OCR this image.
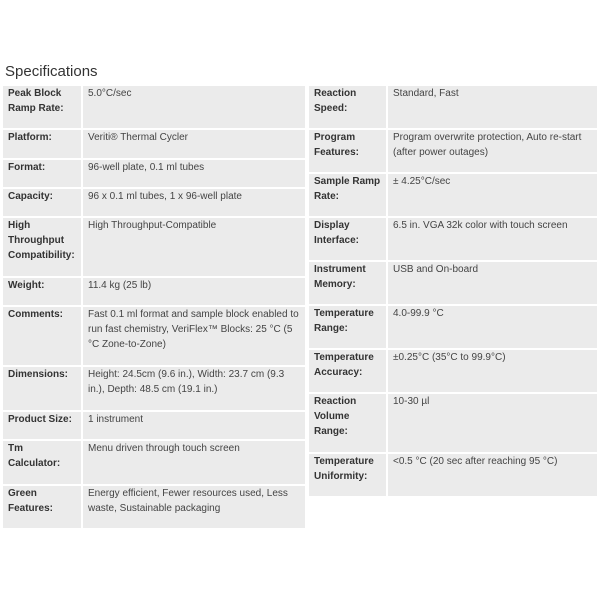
Specifications
Peak Block Ramp Rate:	5.0°C/sec
Platform:	Veriti® Thermal Cycler
Format:	96-well plate, 0.1 ml tubes
Capacity:	96 x 0.1 ml tubes, 1 x 96-well plate
High Throughput Compatibility:	High Throughput-Compatible
Weight:	11.4 kg (25 lb)
Comments:	Fast 0.1 ml format and sample block enabled to run fast chemistry, VeriFlex™ Blocks: 25 °C (5 °C Zone-to-Zone)
Dimensions:	Height: 24.5cm (9.6 in.), Width: 23.7 cm (9.3 in.), Depth: 48.5 cm (19.1 in.)
Product Size:	1 instrument
Tm Calculator:	Menu driven through touch screen
Green Features:	Energy efficient, Fewer resources used, Less waste, Sustainable packaging
Reaction Speed:	Standard, Fast
Program Features:	Program overwrite protection, Auto re-start (after power outages)
Sample Ramp Rate:	± 4.25°C/sec
Display Interface:	6.5 in. VGA 32k color with touch screen
Instrument Memory:	USB and On-board
Temperature Range:	4.0-99.9 °C
Temperature Accuracy:	±0.25°C (35°C to 99.9°C)
Reaction Volume Range:	10-30 µl
Temperature Uniformity:	<0.5 °C (20 sec after reaching 95 °C)
